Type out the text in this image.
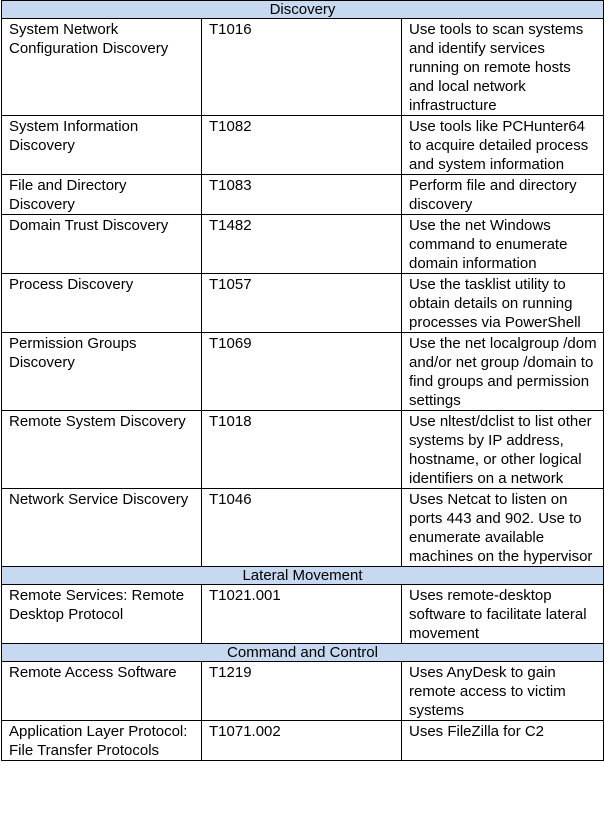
Discovery		
System Network Configuration Discovery	T1016	Use tools to scan systems and identify services running on remote hosts and local network infrastructure
System Information Discovery	T1082	Use tools like PCHunter64 to acquire detailed process and system information
File and Directory Discovery	T1083	Perform file and directory discovery
Domain Trust Discovery	T1482	Use the net Windows command to enumerate domain information
Process Discovery	T1057	Use the tasklist utility to obtain details on running processes via PowerShell
Permission Groups Discovery	T1069	Use the net localgroup /dom and/or net group /domain to find groups and permission settings
Remote System Discovery	T1018	Use nltest/dclist to list other systems by IP address, hostname, or other logical identifiers on a network
Network Service Discovery	T1046	Uses Netcat to listen on ports 443 and 902. Use to enumerate available machines on the hypervisor
Lateral Movement		
Remote Services: Remote Desktop Protocol	T1021.001	Uses remote-desktop software to facilitate lateral movement
Command and Control		
Remote Access Software	T1219	Uses AnyDesk to gain remote access to victim systems
Application Layer Protocol: File Transfer Protocols	T1071.002	Uses FileZilla for C2
